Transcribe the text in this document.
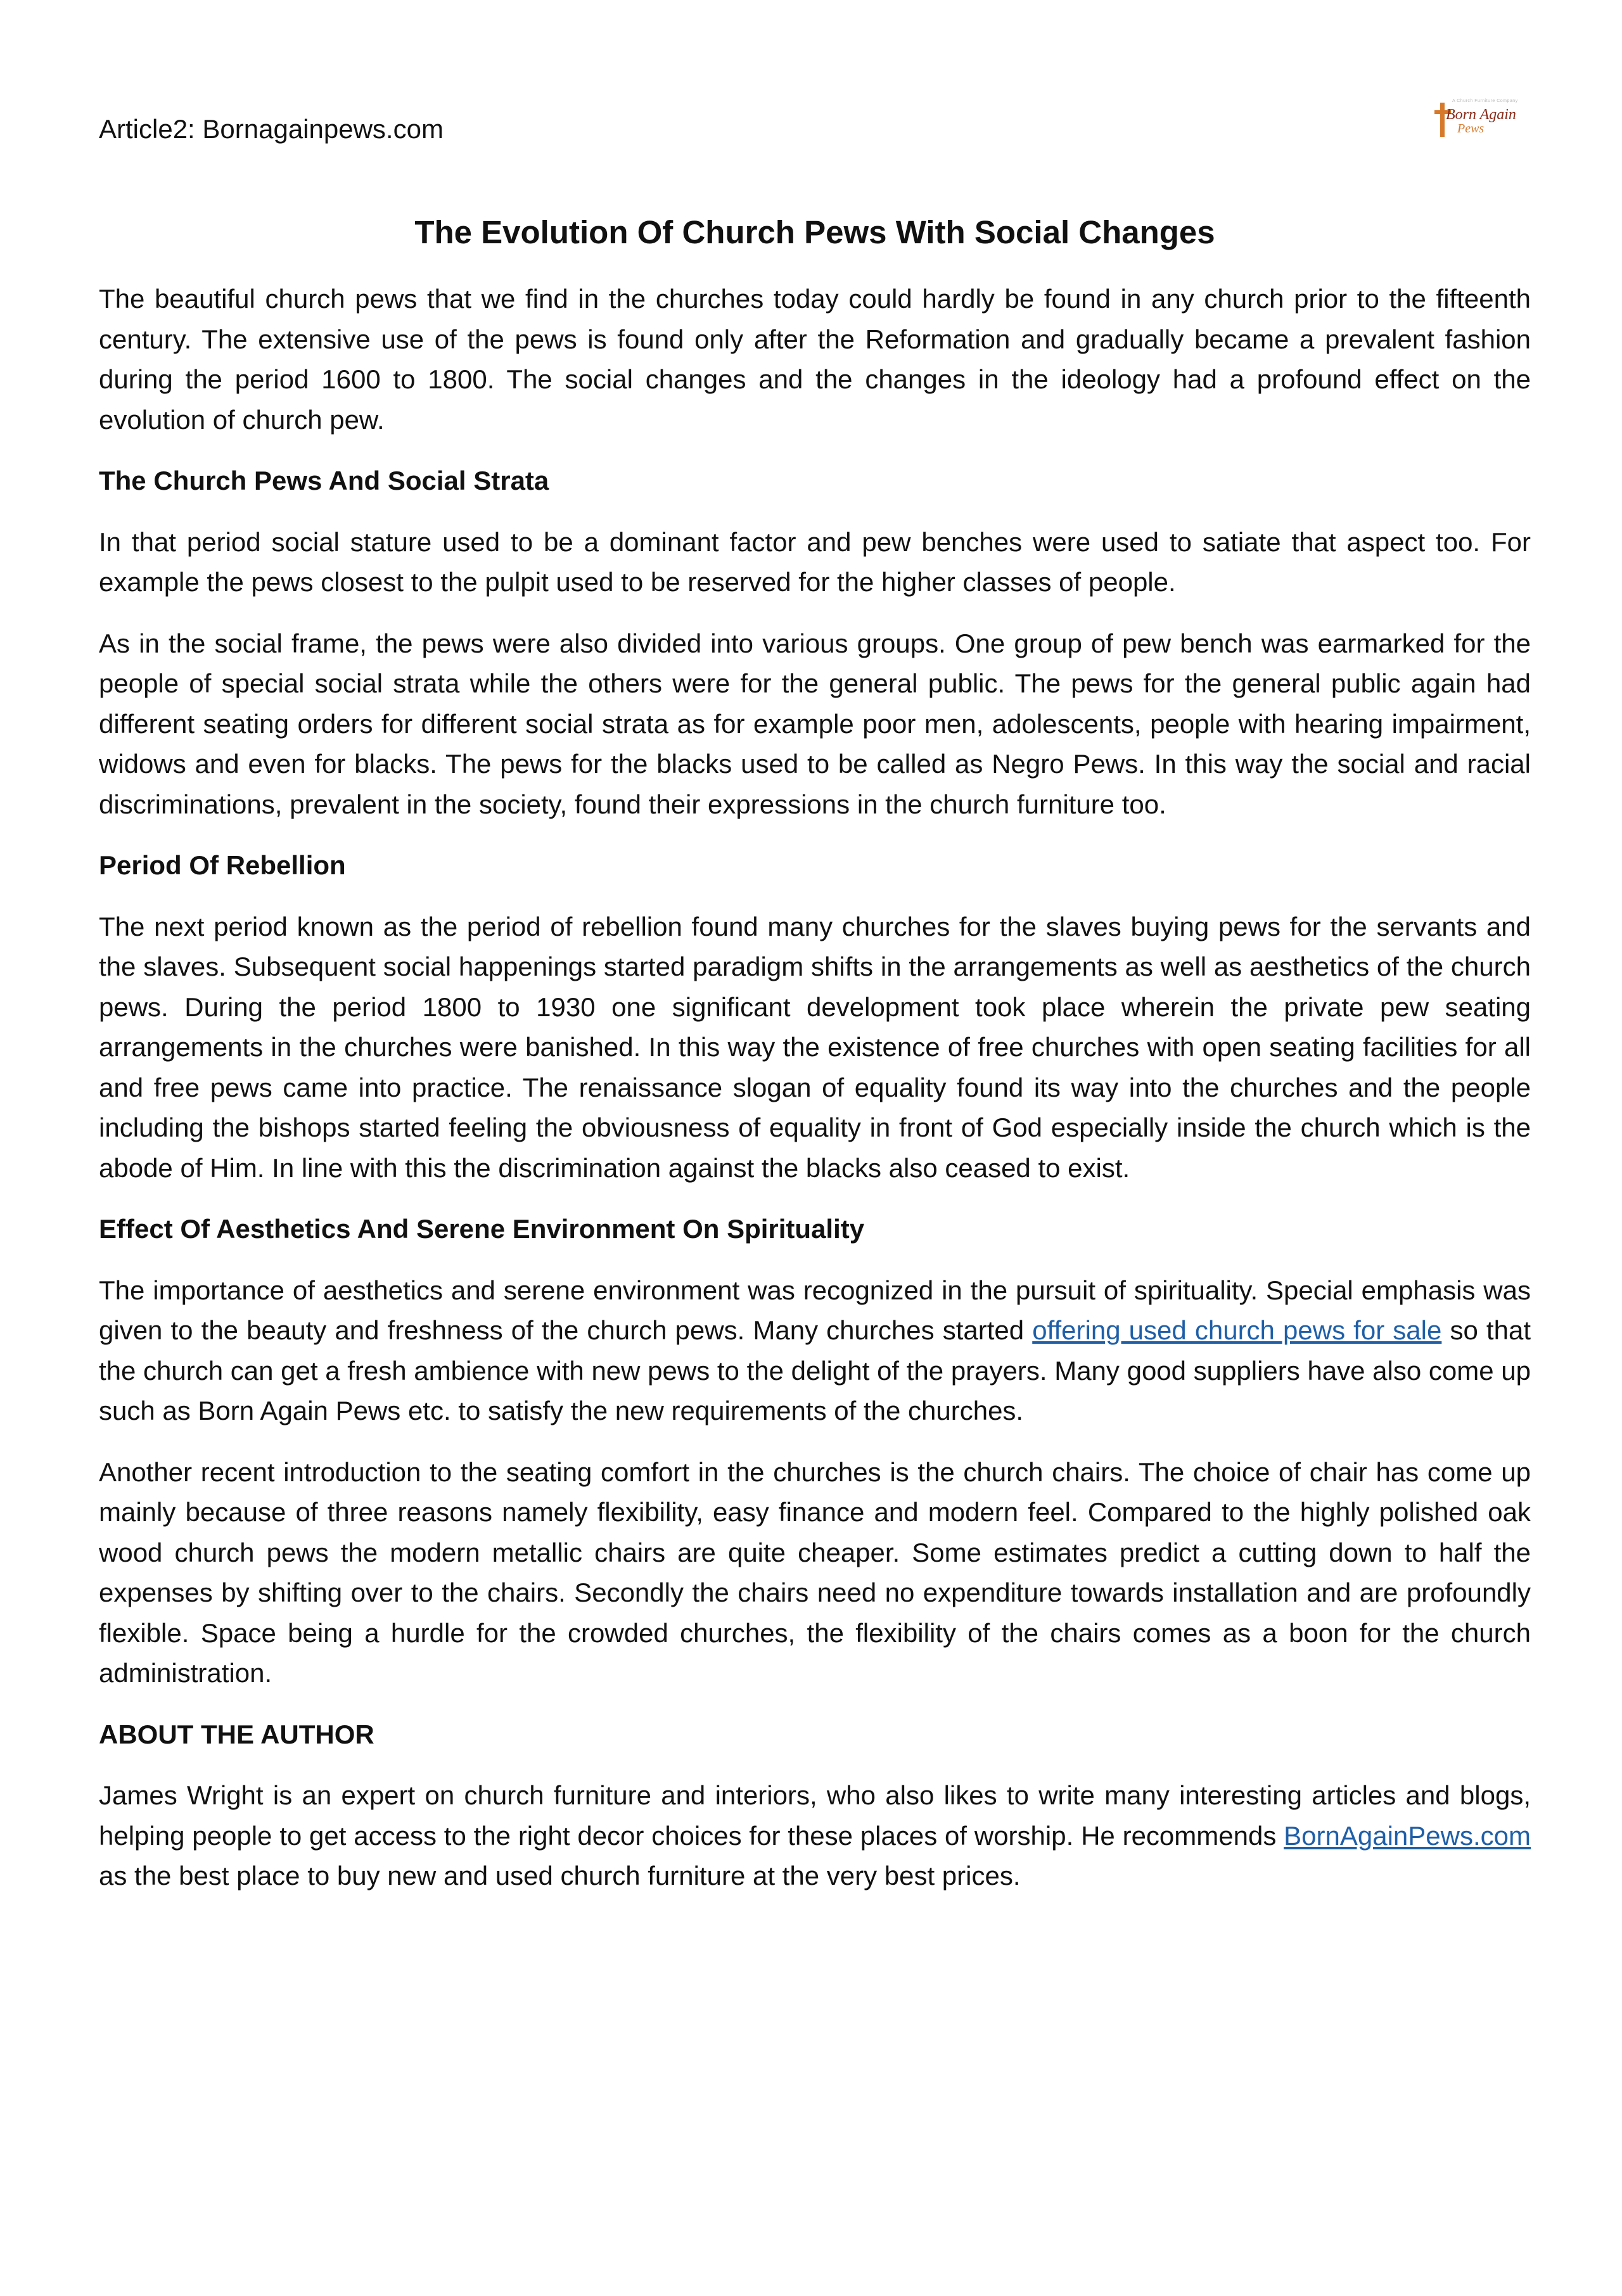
Article2: Bornagainpews.com
A Church Furniture Company
Born Again
Pews
The Evolution Of Church Pews With Social Changes

The beautiful church pews that we find in the churches today could hardly be found in any church prior to the fifteenth century. The extensive use of the pews is found only after the Reformation and gradually became a prevalent fashion during the period 1600 to 1800. The social changes and the changes in the ideology had a profound effect on the evolution of church pew.

The Church Pews And Social Strata

In that period social stature used to be a dominant factor and pew benches were used to satiate that aspect too. For example the pews closest to the pulpit used to be reserved for the higher classes of people.

As in the social frame, the pews were also divided into various groups. One group of pew bench was earmarked for the people of special social strata while the others were for the general public. The pews for the general public again had different seating orders for different social strata as for example poor men, adolescents, people with hearing impairment, widows and even for blacks. The pews for the blacks used to be called as Negro Pews. In this way the social and racial discriminations, prevalent in the society, found their expressions in the church furniture too.

Period Of Rebellion

The next period known as the period of rebellion found many churches for the slaves buying pews for the servants and the slaves. Subsequent social happenings started paradigm shifts in the arrangements as well as aesthetics of the church pews. During the period 1800 to 1930 one significant development took place wherein the private pew seating arrangements in the churches were banished. In this way the existence of free churches with open seating facilities for all and free pews came into practice. The renaissance slogan of equality found its way into the churches and the people including the bishops started feeling the obviousness of equality in front of God especially inside the church which is the abode of Him. In line with this the discrimination against the blacks also ceased to exist.

Effect Of Aesthetics And Serene Environment On Spirituality

The importance of aesthetics and serene environment was recognized in the pursuit of spirituality. Special emphasis was given to the beauty and freshness of the church pews. Many churches started offering used church pews for sale so that the church can get a fresh ambience with new pews to the delight of the prayers. Many good suppliers have also come up such as Born Again Pews etc. to satisfy the new requirements of the churches.

Another recent introduction to the seating comfort in the churches is the church chairs. The choice of chair has come up mainly because of three reasons namely flexibility, easy finance and modern feel. Compared to the highly polished oak wood church pews the modern metallic chairs are quite cheaper. Some estimates predict a cutting down to half the expenses by shifting over to the chairs. Secondly the chairs need no expenditure towards installation and are profoundly flexible. Space being a hurdle for the crowded churches, the flexibility of the chairs comes as a boon for the church administration.

ABOUT THE AUTHOR

James Wright is an expert on church furniture and interiors, who also likes to write many interesting articles and blogs, helping people to get access to the right decor choices for these places of worship. He recommends BornAgainPews.com as the best place to buy new and used church furniture at the very best prices.
